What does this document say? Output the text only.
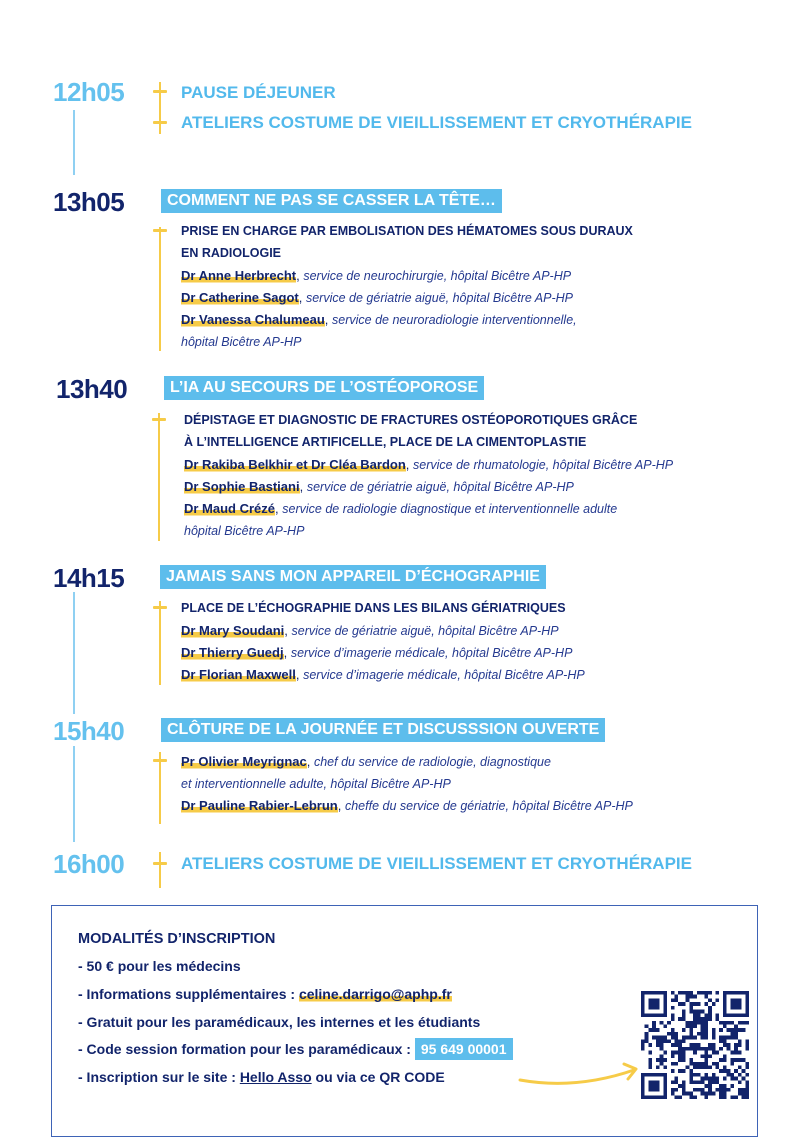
12h05	PAUSE DÉJEUNER
ATELIERS COSTUME DE VIEILLISSEMENT ET CRYOTHÉRAPIE
13h05	COMMENT NE PAS SE CASSER LA TÊTE…
PRISE EN CHARGE PAR EMBOLISATION DES HÉMATOMES SOUS DURAUX
EN RADIOLOGIE
Dr Anne Herbrecht, service de neurochirurgie, hôpital Bicêtre AP-HP
Dr Catherine Sagot, service de gériatrie aiguë, hôpital Bicêtre AP-HP
Dr Vanessa Chalumeau, service de neuroradiologie interventionnelle,
hôpital Bicêtre AP-HP
13h40	L’IA AU SECOURS DE L’OSTÉOPOROSE
DÉPISTAGE ET DIAGNOSTIC DE FRACTURES OSTÉOPOROTIQUES GRÂCE
À L’INTELLIGENCE ARTIFICELLE, PLACE DE LA CIMENTOPLASTIE
Dr Rakiba Belkhir et Dr Cléa Bardon, service de rhumatologie, hôpital Bicêtre AP-HP
Dr Sophie Bastiani, service de gériatrie aiguë, hôpital Bicêtre AP-HP
Dr Maud Crézé, service de radiologie diagnostique et interventionnelle adulte
hôpital Bicêtre AP-HP
14h15	JAMAIS SANS MON APPAREIL D’ÉCHOGRAPHIE
PLACE DE L’ÉCHOGRAPHIE DANS LES BILANS GÉRIATRIQUES
Dr Mary Soudani, service de gériatrie aiguë, hôpital Bicêtre AP-HP
Dr Thierry Guedj, service d’imagerie médicale, hôpital Bicêtre AP-HP
Dr Florian Maxwell, service d’imagerie médicale, hôpital Bicêtre AP-HP
15h40	CLÔTURE DE LA JOURNÉE ET DISCUSSSION OUVERTE
Pr Olivier Meyrignac, chef du service de radiologie, diagnostique
et interventionnelle adulte, hôpital Bicêtre AP-HP
Dr Pauline Rabier-Lebrun, cheffe du service de gériatrie, hôpital Bicêtre AP-HP
16h00	ATELIERS COSTUME DE VIEILLISSEMENT ET CRYOTHÉRAPIE
MODALITÉS D’INSCRIPTION
- 50 € pour les médecins
- Informations supplémentaires : celine.darrigo@aphp.fr
- Gratuit pour les paramédicaux, les internes et les étudiants
- Code session formation pour les paramédicaux : 95 649 00001
- Inscription sur le site : Hello Asso ou via ce QR CODE
